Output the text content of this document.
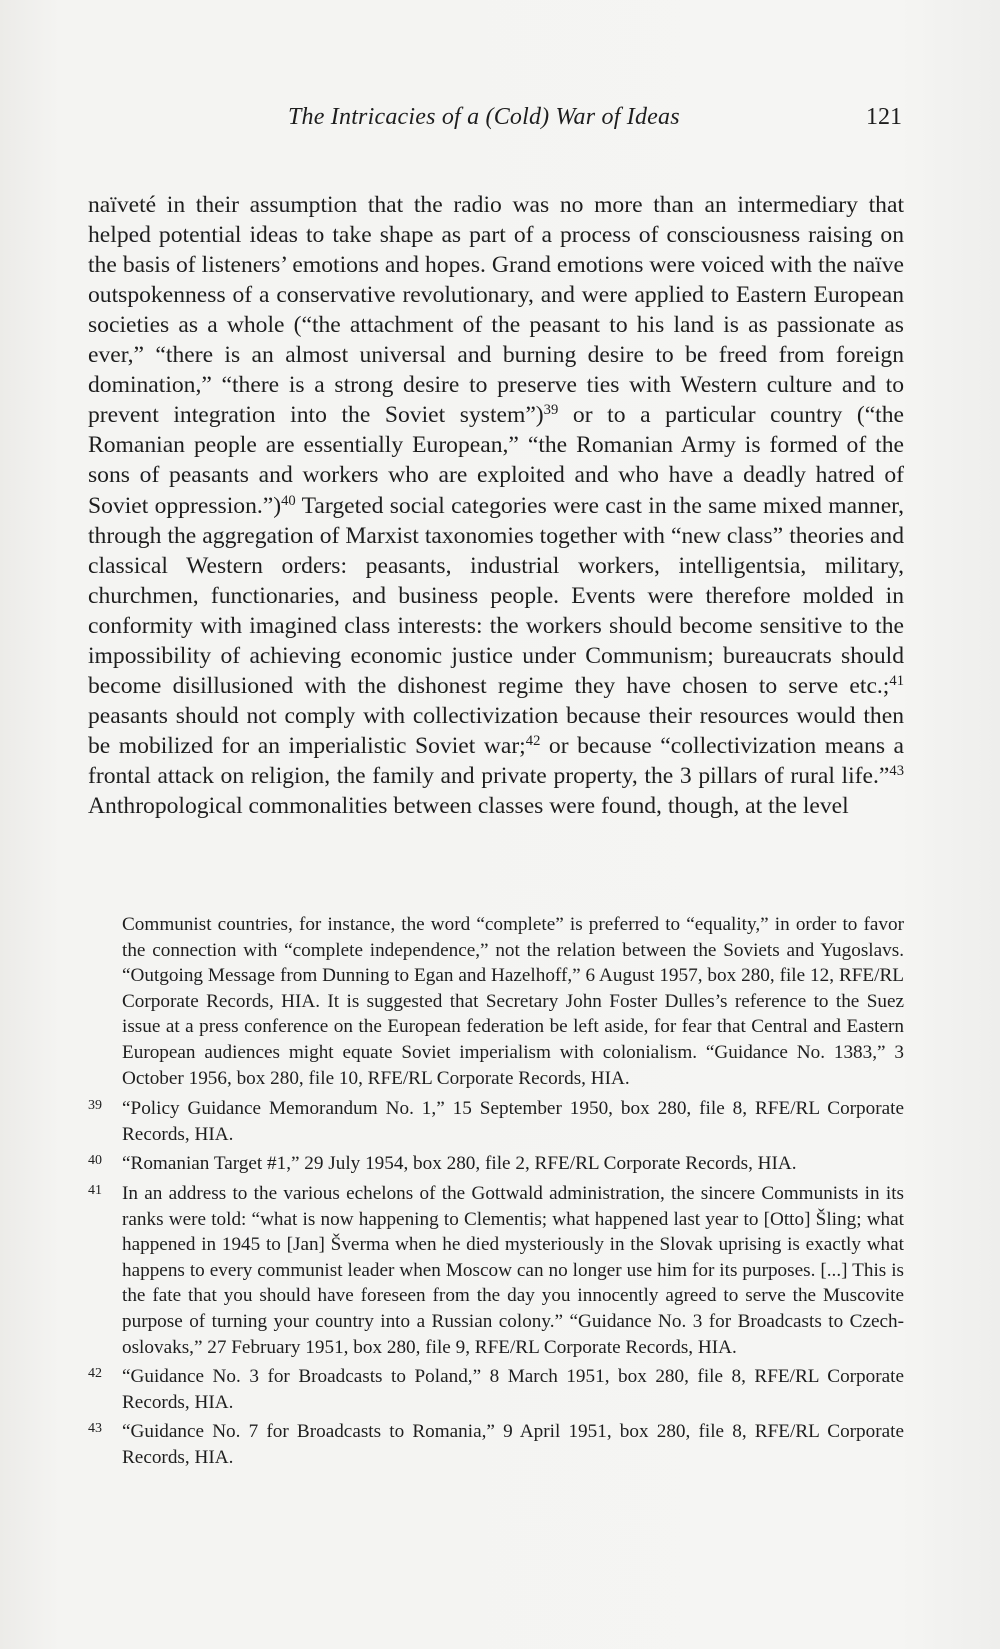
The Intricacies of a (Cold) War of Ideas	121

naïveté in their assumption that the radio was no more than an intermediary that helped potential ideas to take shape as part of a process of consciousness raising on the basis of listeners’ emotions and hopes. Grand emotions were voiced with the naïve outspokenness of a conservative revolutionary, and were applied to Eastern European societies as a whole (“the attachment of the peasant to his land is as passionate as ever,” “there is an almost universal and burning desire to be freed from foreign domination,” “there is a strong desire to preserve ties with Western culture and to prevent integration into the Soviet system”)$^{39}$ or to a particular country (“the Romanian people are essentially European,” “the Romanian Army is formed of the sons of peasants and workers who are exploited and who have a deadly hatred of Soviet oppression.”)$^{40}$ Targeted social categories were cast in the same mixed manner, through the aggregation of Marxist taxonomies together with “new class” theories and classical Western orders: peasants, industrial workers, intelligentsia, military, churchmen, functionaries, and business people. Events were therefore molded in conformity with imagined class interests: the workers should become sensitive to the impossibility of achieving economic justice under Communism; bureaucrats should become disillusioned with the dishonest regime they have chosen to serve etc.;$^{41}$ peasants should not comply with collectivization because their resources would then be mobilized for an imperialistic Soviet war;$^{42}$ or because “collectivization means a frontal attack on religion, the family and private property, the 3 pillars of rural life.”$^{43}$ Anthropological commonalities between classes were found, though, at the level

Communist countries, for instance, the word “complete” is preferred to “equality,” in order to favor the connection with “complete independence,” not the relation between the Soviets and Yugoslavs. “Outgoing Message from Dunning to Egan and Hazelhoff,” 6 August 1957, box 280, file 12, RFE/RL Corporate Records, HIA. It is suggested that Secretary John Foster Dulles’s reference to the Suez issue at a press conference on the European federation be left aside, for fear that Central and Eastern European audiences might equate Soviet imperialism with colonialism. “Guidance No. 1383,” 3 October 1956, box 280, file 10, RFE/RL Corporate Records, HIA.

39 “Policy Guidance Memorandum No. 1,” 15 September 1950, box 280, file 8, RFE/RL Corporate Records, HIA.
40 “Romanian Target #1,” 29 July 1954, box 280, file 2, RFE/RL Corporate Records, HIA.
41 In an address to the various echelons of the Gottwald administration, the sincere Communists in its ranks were told: “what is now happening to Clementis; what happened last year to [Otto] Šling; what happened in 1945 to [Jan] Šverma when he died mysteriously in the Slovak uprising is exactly what happens to every communist leader when Moscow can no longer use him for its purposes. [...] This is the fate that you should have foreseen from the day you innocently agreed to serve the Muscovite purpose of turning your country into a Russian colony.” “Guidance No. 3 for Broadcasts to Czechoslovaks,” 27 February 1951, box 280, file 9, RFE/RL Corporate Records, HIA.
42 “Guidance No. 3 for Broadcasts to Poland,” 8 March 1951, box 280, file 8, RFE/RL Corporate Records, HIA.
43 “Guidance No. 7 for Broadcasts to Romania,” 9 April 1951, box 280, file 8, RFE/RL Corporate Records, HIA.
